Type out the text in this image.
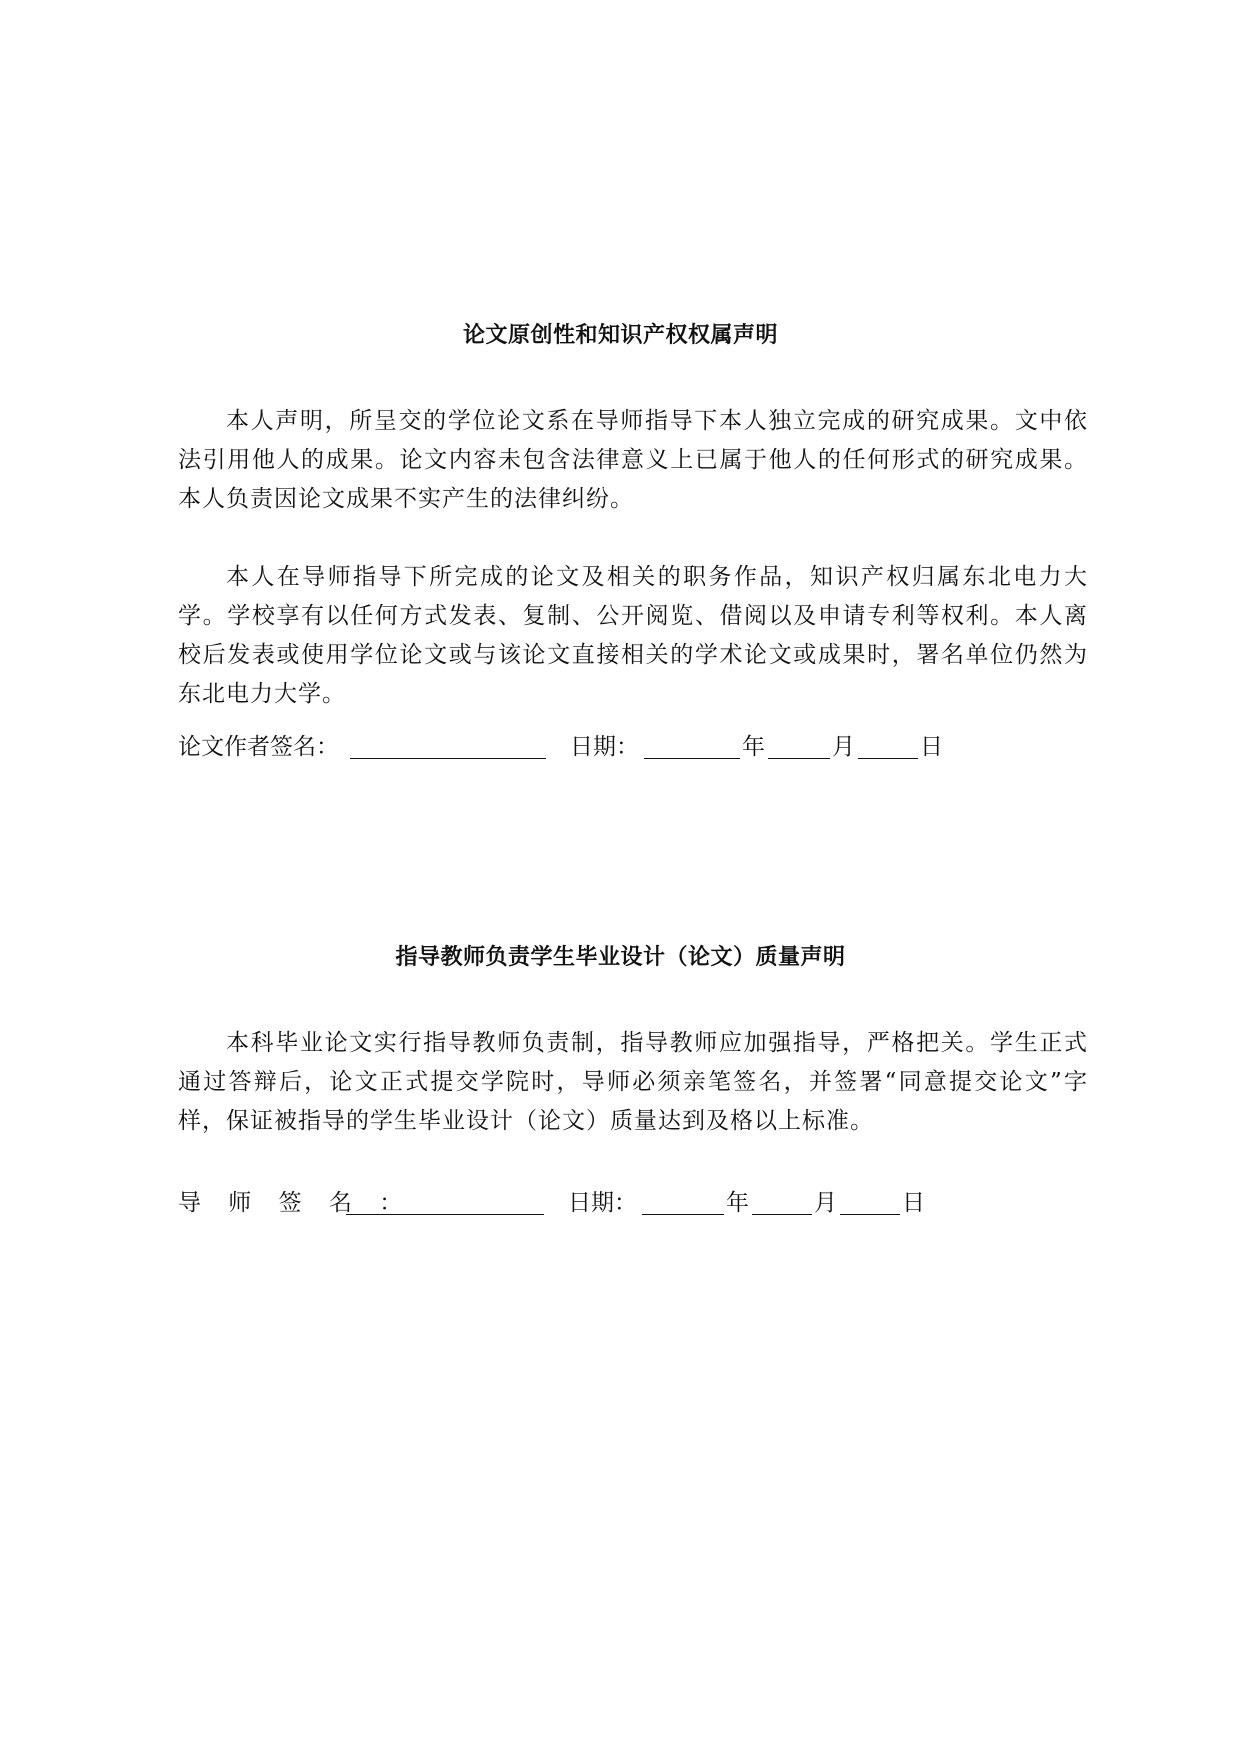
论文原创性和知识产权权属声明

本人声明，所呈交的学位论文系在导师指导下本人独立完成的研究成果。文中依法引用他人的成果。论文内容未包含法律意义上已属于他人的任何形式的研究成果。本人负责因论文成果不实产生的法律纠纷。

本人在导师指导下所完成的论文及相关的职务作品，知识产权归属东北电力大学。学校享有以任何方式发表、复制、公开阅览、借阅以及申请专利等权利。本人离校后发表或使用学位论文或与该论文直接相关的学术论文或成果时，署名单位仍然为东北电力大学。

论文作者签名：	日期：	年	月	日
指导教师负责学生毕业设计（论文）质量声明

本科毕业论文实行指导教师负责制，指导教师应加强指导，严格把关。学生正式通过答辩后，论文正式提交学院时，导师必须亲笔签名，并签署“同意提交论文”字样，保证被指导的学生毕业设计（论文）质量达到及格以上标准。

导 师 签 名 ：	日期：	年	月	日
